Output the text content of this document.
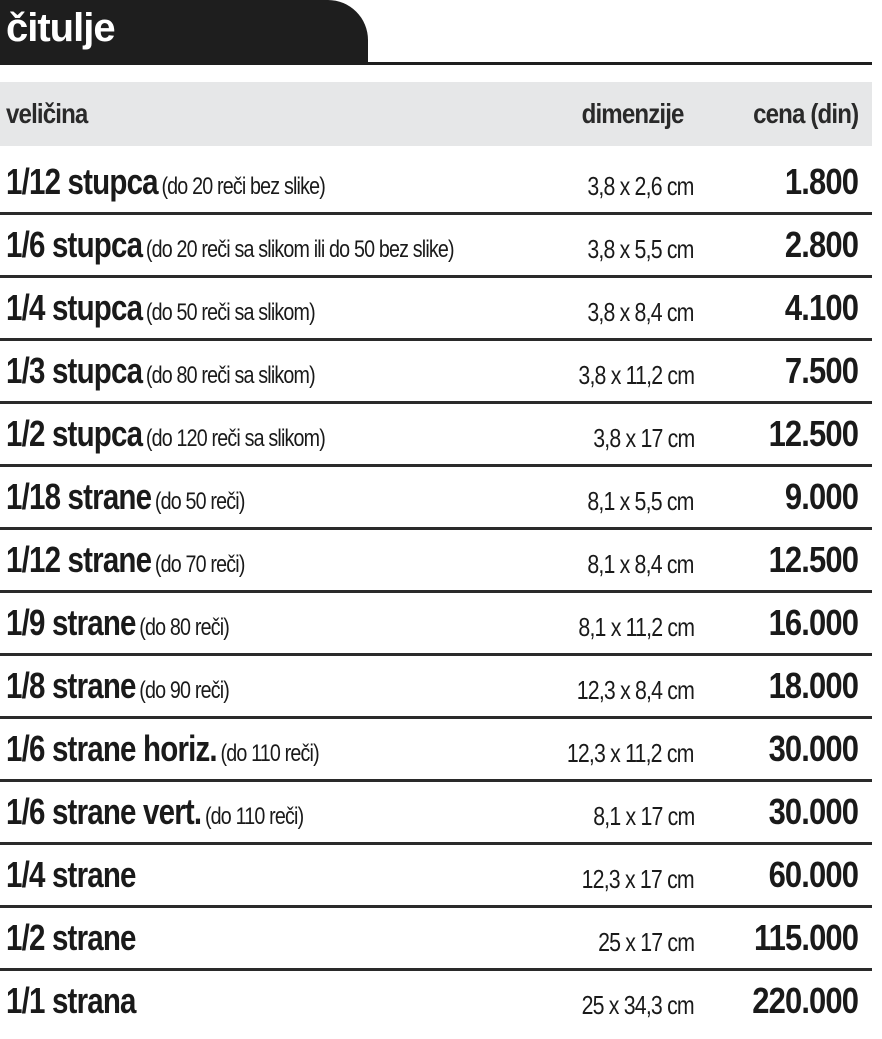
čitulje
veličina	dimenzije cena (din)
1/12 stupca (do 20 reči bez slike)	3,8 x 2,6 cm	1.800
1/6 stupca (do 20 reči sa slikom ili do 50 bez slike)	3,8 x 5,5 cm	2.800
1/4 stupca (do 50 reči sa slikom)	3,8 x 8,4 cm	4.100
1/3 stupca (do 80 reči sa slikom)	3,8 x 11,2 cm	7.500
1/2 stupca (do 120 reči sa slikom)	3,8 x 17 cm 12.500
1/18 strane (do 50 reči)	8,1 x 5,5 cm	9.000
1/12 strane (do 70 reči)	8,1 x 8,4 cm 12.500
1/9 strane (do 80 reči)	8,1 x 11,2 cm 16.000
1/8 strane (do 90 reči)	12,3 x 8,4 cm 18.000
1/6 strane horiz. (do 110 reči)	12,3 x 11,2 cm 30.000
1/6 strane vert. (do 110 reči)	8,1 x 17 cm 30.000
1/4 strane	12,3 x 17 cm 60.000
1/2 strane	25 x 17 cm 115.000
1/1 strana	25 x 34,3 cm 220.000
